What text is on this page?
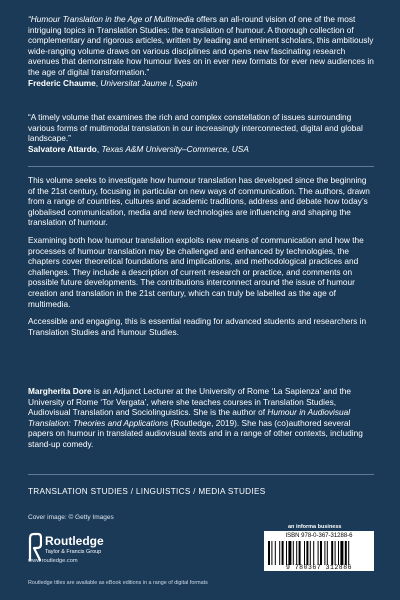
“Humour Translation in the Age of Multimedia offers an all-round vision of one of the most intriguing topics in Translation Studies: the translation of humour. A thorough collection of complementary and rigorous articles, written by leading and eminent scholars, this ambitiously wide-ranging volume draws on various disciplines and opens new fascinating research avenues that demonstrate how humour lives on in ever new formats for ever new audiences in the age of digital transformation.”

Frederic Chaume, Universitat Jaume I, Spain

“A timely volume that examines the rich and complex constellation of issues surrounding various forms of multimodal translation in our increasingly interconnected, digital and global landscape.”

Salvatore Attardo, Texas A&M University–Commerce, USA

This volume seeks to investigate how humour translation has developed since the beginning of the 21st century, focusing in particular on new ways of communication. The authors, drawn from a range of countries, cultures and academic traditions, address and debate how today’s globalised communication, media and new technologies are influencing and shaping the translation of humour.

Examining both how humour translation exploits new means of communication and how the processes of humour translation may be challenged and enhanced by technologies, the chapters cover theoretical foundations and implications, and methodological practices and challenges. They include a description of current research or practice, and comments on possible future developments. The contributions interconnect around the issue of humour creation and translation in the 21st century, which can truly be labelled as the age of multimedia.

Accessible and engaging, this is essential reading for advanced students and researchers in Translation Studies and Humour Studies.

Margherita Dore is an Adjunct Lecturer at the University of Rome ‘La Sapienza’ and the University of Rome ‘Tor Vergata’, where she teaches courses in Translation Studies, Audiovisual Translation and Sociolinguistics. She is the author of Humour in Audiovisual Translation: Theories and Applications (Routledge, 2019). She has (co)authored several papers on humour in translated audiovisual texts and in a range of other contexts, including stand-up comedy.

TRANSLATION STUDIES / LINGUISTICS / MEDIA STUDIES
Cover image: © Getty Images
Routledge
Taylor & Francis Group
www.routledge.com
an informa business
ISBN 978-0-367-31288-6
9 780367 312886
Routledge titles are available as eBook editions in a range of digital formats
